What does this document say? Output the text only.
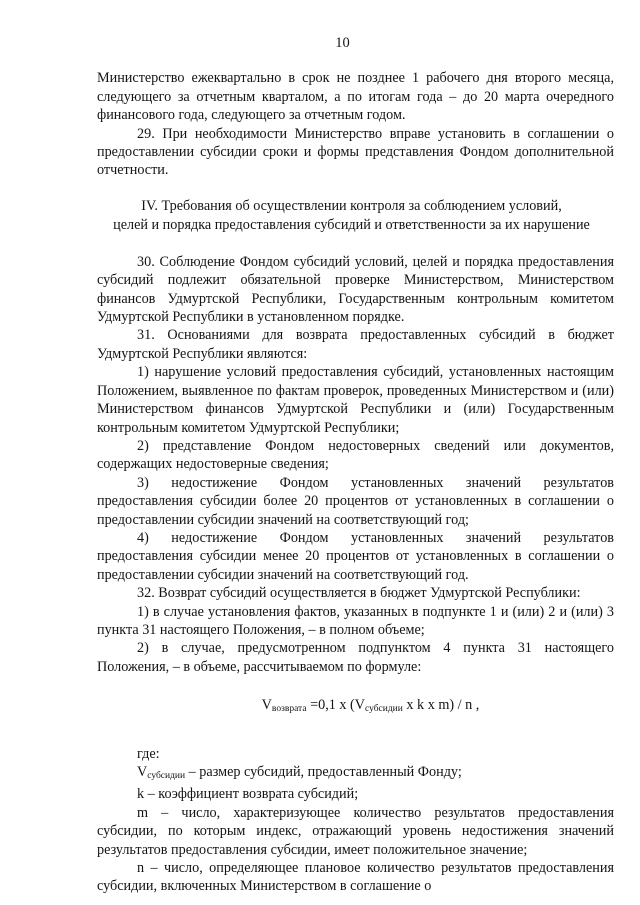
10

Министерство ежеквартально в срок не позднее 1 рабочего дня второго месяца, следующего за отчетным кварталом, а по итогам года – до 20 марта очередного финансового года, следующего за отчетным годом.

29. При необходимости Министерство вправе установить в соглашении о предоставлении субсидии сроки и формы представления Фондом дополнительной отчетности.

IV. Требования об осуществлении контроля за соблюдением условий,
целей и порядка предоставления субсидий и ответственности за их нарушение

30. Соблюдение Фондом субсидий условий, целей и порядка предоставления субсидий подлежит обязательной проверке Министерством, Министерством финансов Удмуртской Республики, Государственным контрольным комитетом Удмуртской Республики в установленном порядке.

31. Основаниями для возврата предоставленных субсидий в бюджет Удмуртской Республики являются:

1) нарушение условий предоставления субсидий, установленных настоящим Положением, выявленное по фактам проверок, проведенных Министерством и (или) Министерством финансов Удмуртской Республики и (или) Государственным контрольным комитетом Удмуртской Республики;

2) представление Фондом недостоверных сведений или документов, содержащих недостоверные сведения;

3) недостижение Фондом установленных значений результатов предоставления субсидии более 20 процентов от установленных в соглашении о предоставлении субсидии значений на соответствующий год;

4) недостижение Фондом установленных значений результатов предоставления субсидии менее 20 процентов от установленных в соглашении о предоставлении субсидии значений на соответствующий год.

32. Возврат субсидий осуществляется в бюджет Удмуртской Республики:

1) в случае установления фактов, указанных в подпункте 1 и (или) 2 и (или) 3 пункта 31 настоящего Положения, – в полном объеме;

2) в случае, предусмотренном подпунктом 4 пункта 31 настоящего Положения, – в объеме, рассчитываемом по формуле:

$V_{возврата} =0,1$ x ($V_{субсидии}$ x k x m) / n ,

где:

$V_{субсидии}$ – размер субсидий, предоставленный Фонду;

k – коэффициент возврата субсидий;

m – число, характеризующее количество результатов предоставления субсидии, по которым индекс, отражающий уровень недостижения значений результатов предоставления субсидии, имеет положительное значение;

n – число, определяющее плановое количество результатов предоставления субсидии, включенных Министерством в соглашение о
